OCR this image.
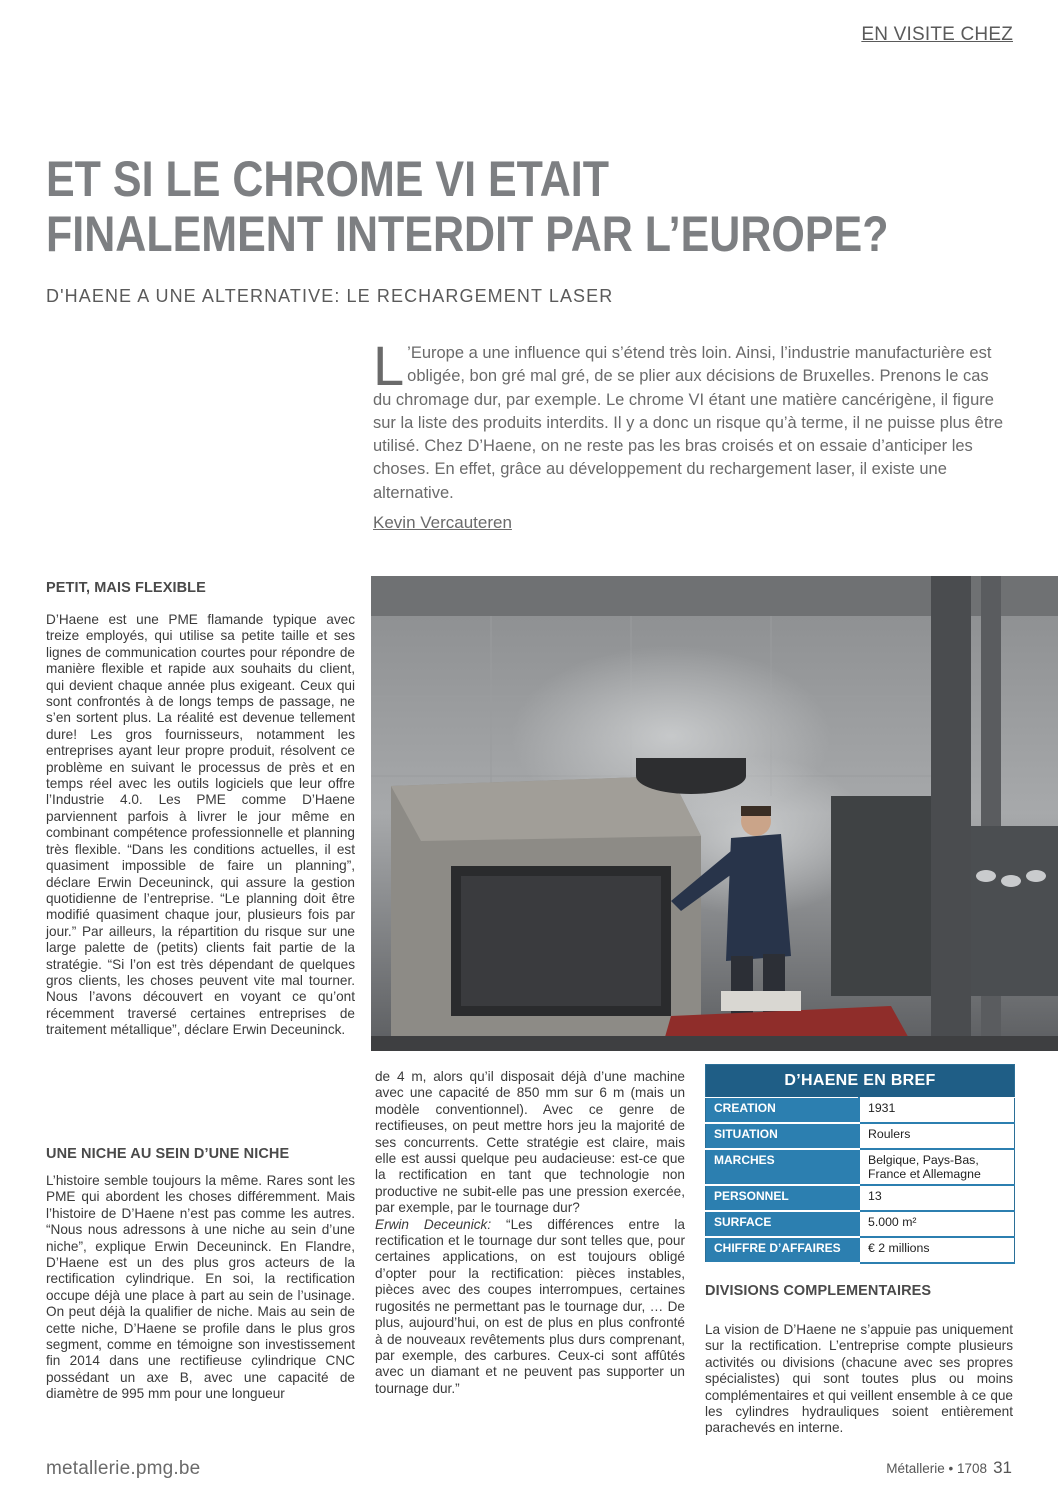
EN VISITE CHEZ
ET SI LE CHROME VI ETAIT
FINALEMENT INTERDIT PAR L’EUROPE?
D'HAENE A UNE ALTERNATIVE: LE RECHARGEMENT LASER

L ’Europe a une influence qui s’étend très loin. Ainsi, l’industrie manufacturière est obligée, bon gré mal gré, de se plier aux décisions de Bruxelles. Prenons le cas du chromage dur, par exemple. Le chrome VI étant une matière cancérigène, il figure sur la liste des produits interdits. Il y a donc un risque qu’à terme, il ne puisse plus être utilisé. Chez D’Haene, on ne reste pas les bras croisés et on essaie d’anticiper les choses. En effet, grâce au développement du rechargement laser, il existe une alternative.

Kevin Vercauteren
PETIT, MAIS FLEXIBLE

D’Haene est une PME flamande typique avec treize employés, qui utilise sa petite taille et ses lignes de communication courtes pour répondre de manière flexible et rapide aux souhaits du client, qui devient chaque année plus exigeant. Ceux qui sont confrontés à de longs temps de passage, ne s’en sortent plus. La réalité est devenue tellement dure! Les gros fournisseurs, notamment les entreprises ayant leur propre produit, résolvent ce problème en suivant le processus de près et en temps réel avec les outils logiciels que leur offre l’Industrie 4.0. Les PME comme D’Haene parviennent parfois à livrer le jour même en combinant compétence professionnelle et planning très flexible. “Dans les conditions actuelles, il est quasiment impossible de faire un planning”, déclare Erwin Deceuninck, qui assure la gestion quotidienne de l’entreprise. “Le planning doit être modifié quasiment chaque jour, plusieurs fois par jour.” Par ailleurs, la répartition du risque sur une large palette de (petits) clients fait partie de la stratégie. “Si l’on est très dépendant de quelques gros clients, les choses peuvent vite mal tourner. Nous l’avons découvert en voyant ce qu’ont récemment traversé certaines entreprises de traitement métallique”, déclare Erwin Deceuninck.

UNE NICHE AU SEIN D’UNE NICHE

L’histoire semble toujours la même. Rares sont les PME qui abordent les choses différemment. Mais l’histoire de D’Haene n’est pas comme les autres. “Nous nous adressons à une niche au sein d’une niche”, explique Erwin Deceuninck. En Flandre, D’Haene est un des plus gros acteurs de la rectification cylindrique. En soi, la rectification occupe déjà une place à part au sein de l’usinage. On peut déjà la qualifier de niche. Mais au sein de cette niche, D’Haene se profile dans le plus gros segment, comme en témoigne son investissement fin 2014 dans une rectifieuse cylindrique CNC possédant un axe B, avec une capacité de diamètre de 995 mm pour une longueur

de 4 m, alors qu’il disposait déjà d’une machine avec une capacité de 850 mm sur 6 m (mais un modèle conventionnel). Avec ce genre de rectifieuses, on peut mettre hors jeu la majorité de ses concurrents. Cette stratégie est claire, mais elle est aussi quelque peu audacieuse: est-ce que la rectification en tant que technologie non productive ne subit-elle pas une pression exercée, par exemple, par le tournage dur?

Erwin Deceunick: “Les différences entre la rectification et le tournage dur sont telles que, pour certaines applications, on est toujours obligé d’opter pour la rectification: pièces instables, pièces avec des coupes interrompues, certaines rugosités ne permettant pas le tournage dur, … De plus, aujourd’hui, on est de plus en plus confronté à de nouveaux revêtements plus durs comprenant, par exemple, des carbures. Ceux-ci sont affûtés avec un diamant et ne peuvent pas supporter un tournage dur.”

D’HAENE EN BREF	
CREATION	1931
SITUATION	Roulers
MARCHES	Belgique, Pays-Bas, France et Allemagne
PERSONNEL	13
SURFACE	5.000 m²
CHIFFRE D’AFFAIRES	€ 2 millions
DIVISIONS COMPLEMENTAIRES

La vision de D’Haene ne s’appuie pas uniquement sur la rectification. L’entreprise compte plusieurs activités ou divisions (chacune avec ses propres spécialistes) qui sont toutes plus ou moins complémentaires et qui veillent ensemble à ce que les cylindres hydrauliques soient entièrement parachevés en interne.

metallerie.pmg.be	Métallerie • 1708 31
